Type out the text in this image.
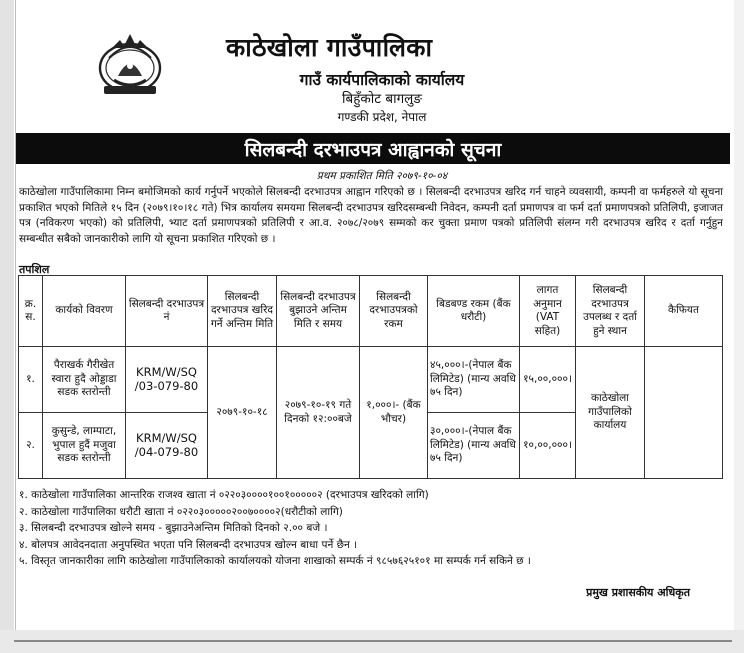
काठेखोला गाउँपालिका
गाउँ कार्यपालिकाको कार्यालय
बिहुँकोट बागलुङ
गण्डकी प्रदेश, नेपाल
सिलबन्दी दरभाउपत्र आह्वानको सूचना
प्रथम प्रकाशित मिति २०७९-१०-०४

काठेखोला गाउँपालिकामा निम्न बमोजिमको कार्य गर्नुपर्ने भएकोले सिलबन्दी दरभाउपत्र आह्वान गरिएको छ । सिलबन्दी दरभाउपत्र खरिद गर्न चाहने व्यवसायी, कम्पनी वा फर्महरुले यो सूचना प्रकाशित भएको मितिले १५ दिन (२०७९।१०।१८ गते) भित्र कार्यालय समयमा सिलबन्दी दरभाउपत्र खरिदसम्बन्धी निवेदन, कम्पनी दर्ता प्रमाणपत्र वा फर्म दर्ता प्रमाणपत्रको प्रतिलिपी, इजाजत पत्र (नविकरण भएको) को प्रतिलिपी, भ्याट दर्ता प्रमाणपत्रको प्रतिलिपी र आ.व. २०७८/२०७९ सम्मको कर चुक्ता प्रमाण पत्रको प्रतिलिपी संलग्न गरी दरभाउपत्र खरिद र दर्ता गर्नुहुन सम्बन्धीत सबैको जानकारीको लागि यो सूचना प्रकाशित गरिएको छ ।

तपशिल
क्र. स.	कार्यको विवरण	सिलबन्दी दरभाउपत्र नं	सिलबन्दी दरभाउपत्र खरिद गर्ने अन्तिम मिति	सिलबन्दी दरभाउपत्र बुझाउने अन्तिम मिति र समय	सिलबन्दी दरभाउपत्रको रकम	बिडबण्ड रकम (बैंक धरौटी)	लागत अनुमान (VAT सहित)	सिलबन्दी दरभाउपत्र उपलब्ध र दर्ता हुने स्थान	कैफियत
१.	पैराखर्क गैरीखेत स्वारा हुदै ओड्डाडा सडक स्तरोन्ती	KRM/W/SQ /03-079-80	२०७९-१०-१८	२०७९-१०-१९ गते दिनको १२:००बजे	१,०००।- (बैंक भौचर)	४५,०००।-(नेपाल बैंक लिमिटेड) (मान्य अवधि ७५ दिन)	१५,००,०००।	काठेखोला गाउँपालिको कार्यालय	
२.	कुसुन्डे, लाम्पाटा, भुपाल हुदैं मजुवा सडक स्तरोन्ती	KRM/W/SQ /04-079-80				३०,०००।-(नेपाल बैंक लिमिटेड) (मान्य अवधि ७५ दिन)	१०,००,०००।		
१. काठेखोला गाउँपालिका आन्तरिक राजश्व खाता नं ०२२०३००००१००१०००००२ (दरभाउपत्र खरिदको लागि)
२. काठेखोला गाउँपालिका धरौटी खाता नं ०२२०३०००००२००७००००२(धरौटीको लागि)
३. सिलबन्दी दरभाउपत्र खोल्ने समय - बुझाउनेअन्तिम मितिको दिनको २.०० बजे ।
४. बोलपत्र आवेदनदाता अनुपस्थित भएता पनि सिलबन्दी दरभाउपत्र खोल्न बाधा पर्ने छैन ।
५. विस्तृत जानकारीका लागि काठेखोला गाउँपालिकाको कार्यालयको योजना शाखाको सम्पर्क नं ९८५७६२५१०१ मा सम्पर्क गर्न सकिने छ ।
प्रमुख प्रशासकीय अधिकृत
